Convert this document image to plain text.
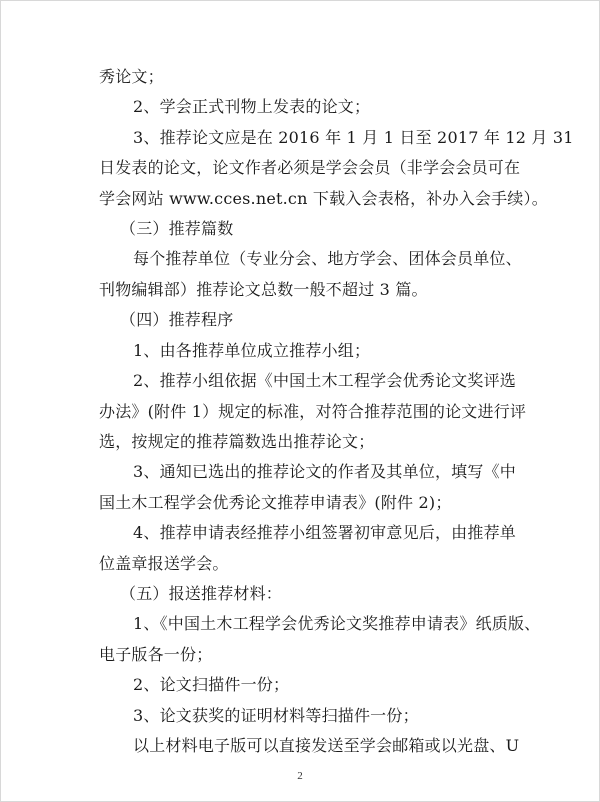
秀论文；
2、学会正式刊物上发表的论文；
3、推荐论文应是在 2016 年 1 月 1 日至 2017 年 12 月 31
日发表的论文，论文作者必须是学会会员（非学会会员可在
学会网站 www.cces.net.cn 下载入会表格，补办入会手续）。
（三）推荐篇数
每个推荐单位（专业分会、地方学会、团体会员单位、
刊物编辑部）推荐论文总数一般不超过 3 篇。
（四）推荐程序
1、由各推荐单位成立推荐小组；
2、推荐小组依据《中国土木工程学会优秀论文奖评选
办法》(附件 1）规定的标准，对符合推荐范围的论文进行评
选，按规定的推荐篇数选出推荐论文；
3、通知已选出的推荐论文的作者及其单位，填写《中
国土木工程学会优秀论文推荐申请表》(附件 2)；
4、推荐申请表经推荐小组签署初审意见后，由推荐单
位盖章报送学会。
（五）报送推荐材料：
1、《中国土木工程学会优秀论文奖推荐申请表》纸质版、
电子版各一份；
2、论文扫描件一份；
3、论文获奖的证明材料等扫描件一份；
以上材料电子版可以直接发送至学会邮箱或以光盘、U
2
